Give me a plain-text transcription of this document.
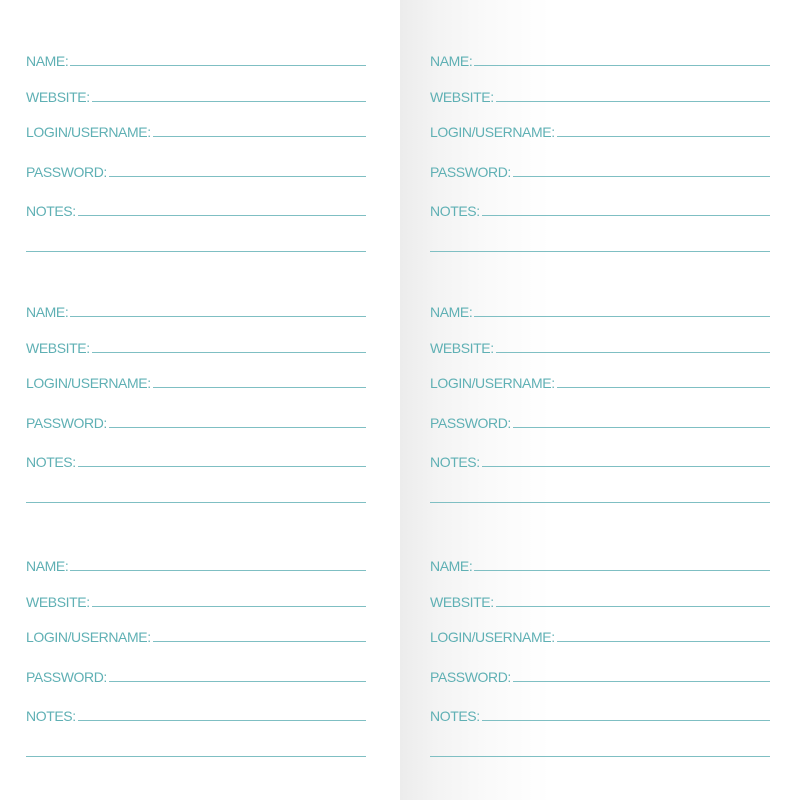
NAME:
WEBSITE:
LOGIN/USERNAME:
PASSWORD:
NOTES:
NAME:
WEBSITE:
LOGIN/USERNAME:
PASSWORD:
NOTES:
NAME:
WEBSITE:
LOGIN/USERNAME:
PASSWORD:
NOTES:
NAME:
WEBSITE:
LOGIN/USERNAME:
PASSWORD:
NOTES:
NAME:
WEBSITE:
LOGIN/USERNAME:
PASSWORD:
NOTES:
NAME:
WEBSITE:
LOGIN/USERNAME:
PASSWORD:
NOTES:
